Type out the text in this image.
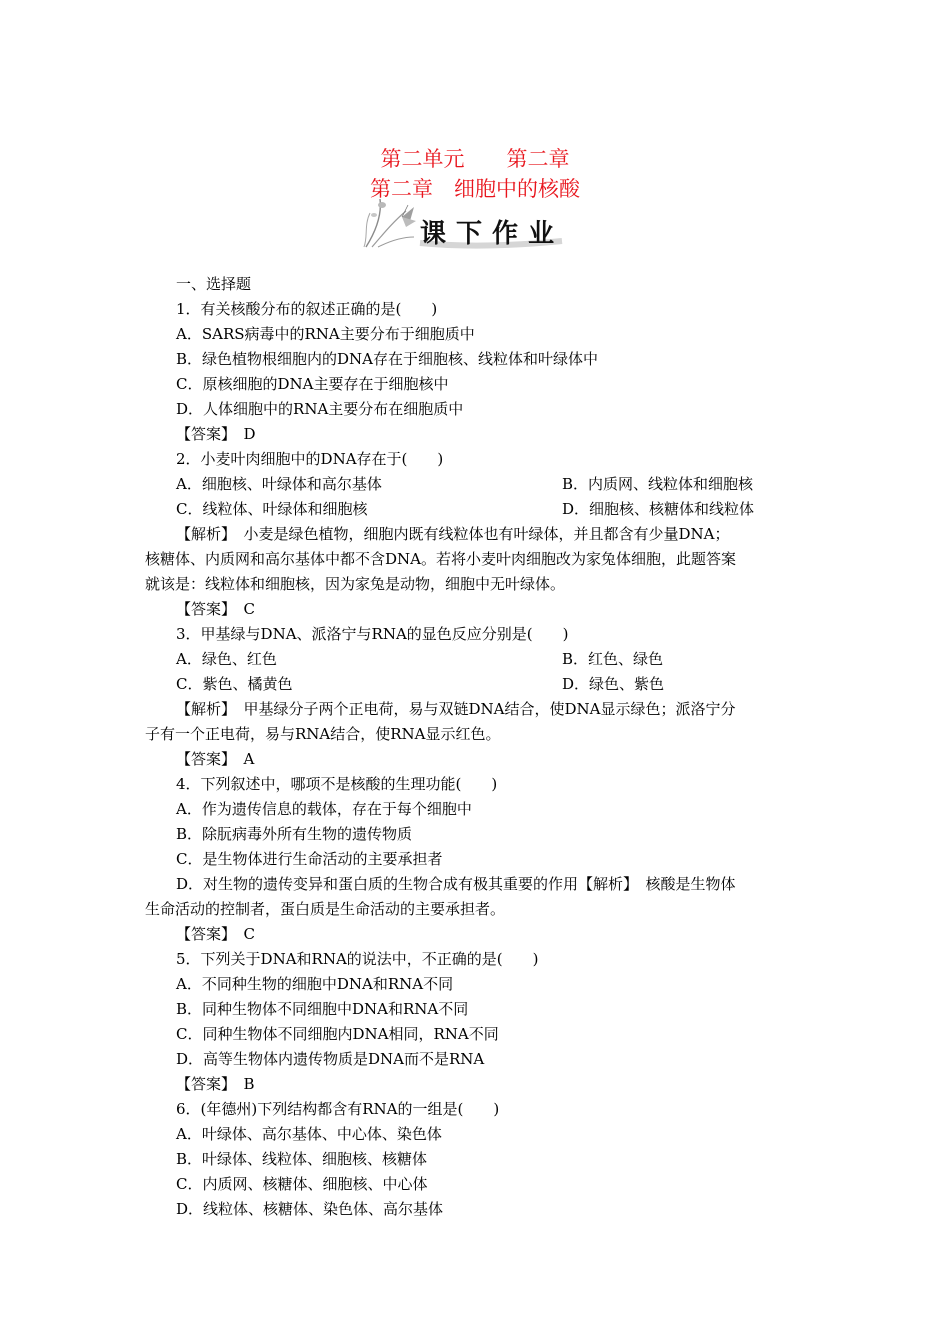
第二单元　　第二章
第二章　细胞中的核酸
课下作业
一、选择题
1．有关核酸分布的叙述正确的是(　　)
A．SARS病毒中的RNA主要分布于细胞质中
B．绿色植物根细胞内的DNA存在于细胞核、线粒体和叶绿体中
C．原核细胞的DNA主要存在于细胞核中
D．人体细胞中的RNA主要分布在细胞质中
【答案】　D
2．小麦叶肉细胞中的DNA存在于(　　)
A．细胞核、叶绿体和高尔基体	B．内质网、线粒体和细胞核
C．线粒体、叶绿体和细胞核	D．细胞核、核糖体和线粒体
【解析】　小麦是绿色植物，细胞内既有线粒体也有叶绿体，并且都含有少量DNA；
核糖体、内质网和高尔基体中都不含DNA。若将小麦叶肉细胞改为家兔体细胞，此题答案
就该是：线粒体和细胞核，因为家兔是动物，细胞中无叶绿体。
【答案】　C
3．甲基绿与DNA、派洛宁与RNA的显色反应分别是(　　)
A．绿色、红色	B．红色、绿色
C．紫色、橘黄色	D．绿色、紫色
【解析】　甲基绿分子两个正电荷，易与双链DNA结合，使DNA显示绿色；派洛宁分
子有一个正电荷，易与RNA结合，使RNA显示红色。
【答案】　A
4．下列叙述中，哪项不是核酸的生理功能(　　)
A．作为遗传信息的载体，存在于每个细胞中
B．除朊病毒外所有生物的遗传物质
C．是生物体进行生命活动的主要承担者
D．对生物的遗传变异和蛋白质的生物合成有极其重要的作用【解析】　核酸是生物体
生命活动的控制者，蛋白质是生命活动的主要承担者。
【答案】　C
5．下列关于DNA和RNA的说法中，不正确的是(　　)
A．不同种生物的细胞中DNA和RNA不同
B．同种生物体不同细胞中DNA和RNA不同
C．同种生物体不同细胞内DNA相同，RNA不同
D．高等生物体内遗传物质是DNA而不是RNA
【答案】　B
6．(年德州)下列结构都含有RNA的一组是(　　)
A．叶绿体、高尔基体、中心体、染色体
B．叶绿体、线粒体、细胞核、核糖体
C．内质网、核糖体、细胞核、中心体
D．线粒体、核糖体、染色体、高尔基体
